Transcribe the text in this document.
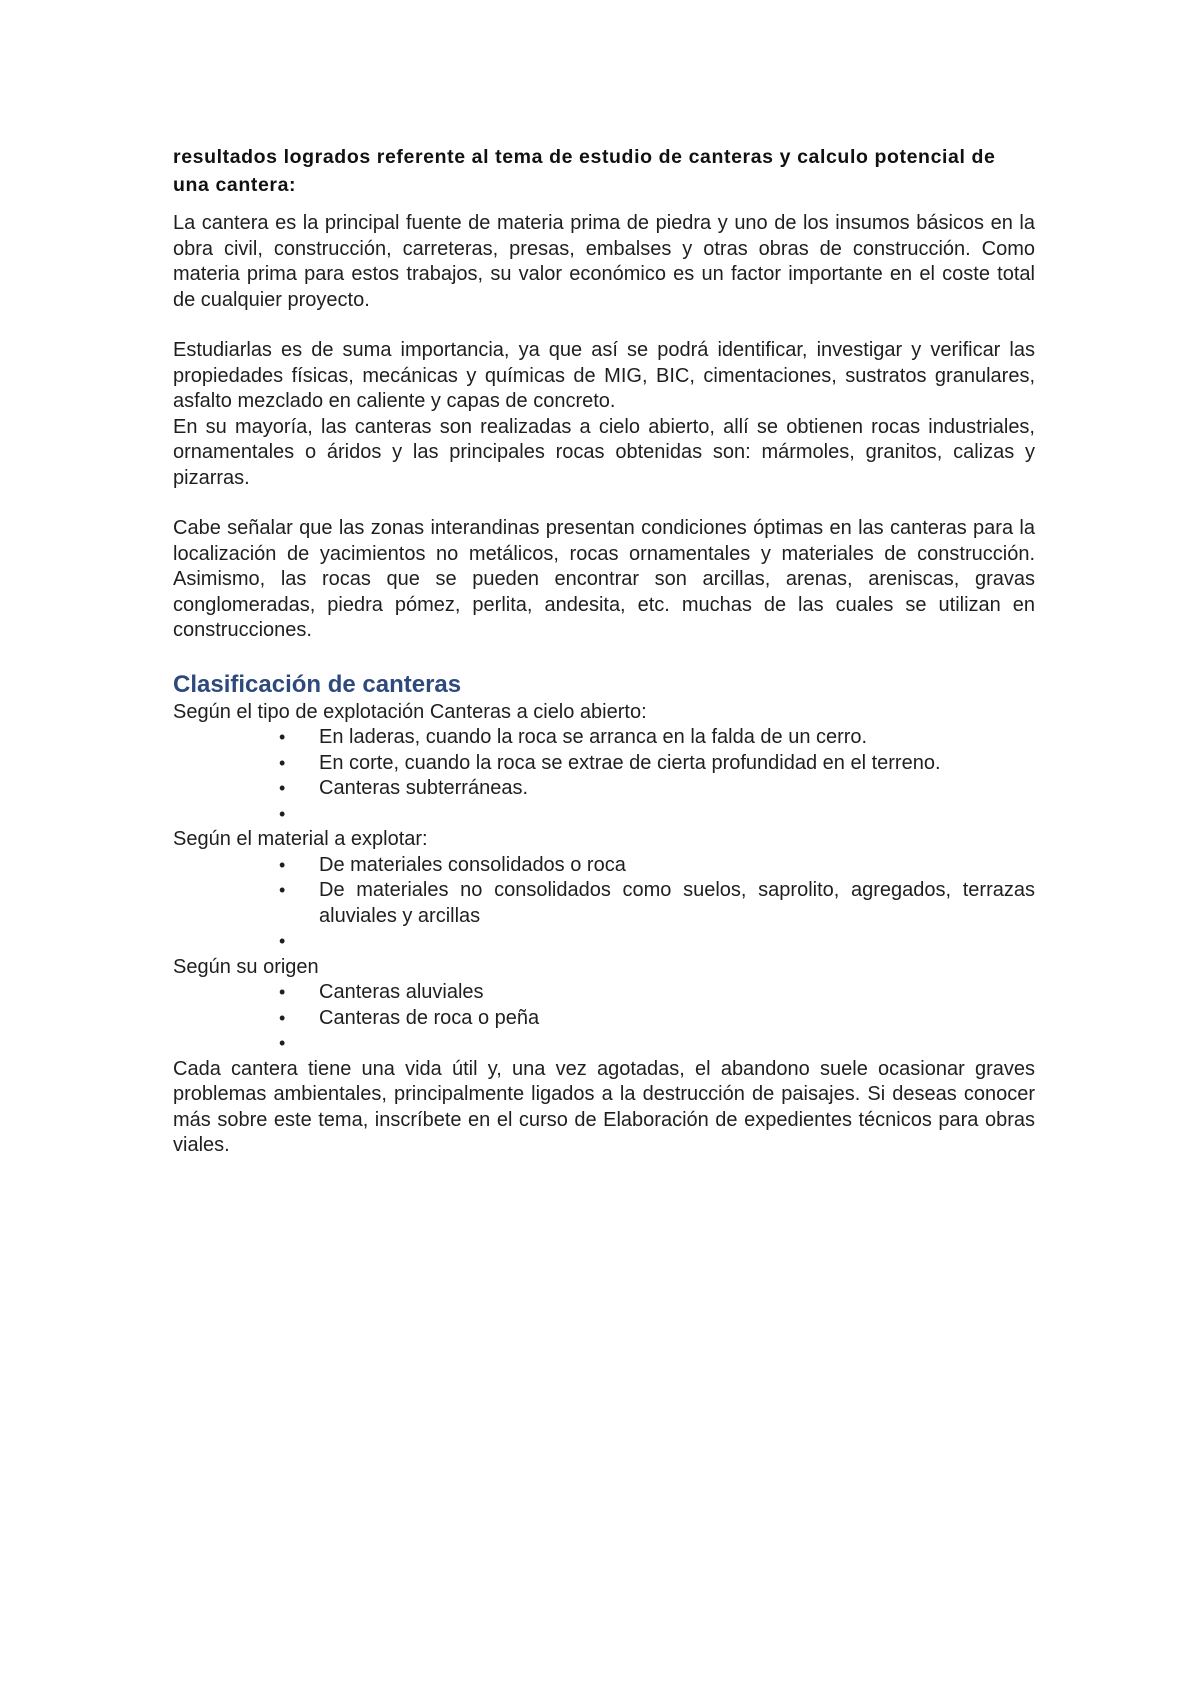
resultados logrados referente al tema de estudio de canteras y calculo potencial de una cantera:

La cantera es la principal fuente de materia prima de piedra y uno de los insumos básicos en la obra civil, construcción, carreteras, presas, embalses y otras obras de construcción. Como materia prima para estos trabajos, su valor económico es un factor importante en el coste total de cualquier proyecto.

Estudiarlas es de suma importancia, ya que así se podrá identificar, investigar y verificar las propiedades físicas, mecánicas y químicas de MIG, BIC, cimentaciones, sustratos granulares, asfalto mezclado en caliente y capas de concreto.

En su mayoría, las canteras son realizadas a cielo abierto, allí se obtienen rocas industriales, ornamentales o áridos y las principales rocas obtenidas son: mármoles, granitos, calizas y pizarras.

Cabe señalar que las zonas interandinas presentan condiciones óptimas en las canteras para la localización de yacimientos no metálicos, rocas ornamentales y materiales de construcción. Asimismo, las rocas que se pueden encontrar son arcillas, arenas, areniscas, gravas conglomeradas, piedra pómez, perlita, andesita, etc. muchas de las cuales se utilizan en construcciones.

Clasificación de canteras

Según el tipo de explotación Canteras a cielo abierto:

•	En laderas, cuando la roca se arranca en la falda de un cerro.
•	En corte, cuando la roca se extrae de cierta profundidad en el terreno.
•	Canteras subterráneas.
•

Según el material a explotar:

•	De materiales consolidados o roca
•	De materiales no consolidados como suelos, saprolito, agregados, terrazas aluviales y arcillas
•

Según su origen

•	Canteras aluviales
•	Canteras de roca o peña
•

Cada cantera tiene una vida útil y, una vez agotadas, el abandono suele ocasionar graves problemas ambientales, principalmente ligados a la destrucción de paisajes. Si deseas conocer más sobre este tema, inscríbete en el curso de Elaboración de expedientes técnicos para obras viales.
